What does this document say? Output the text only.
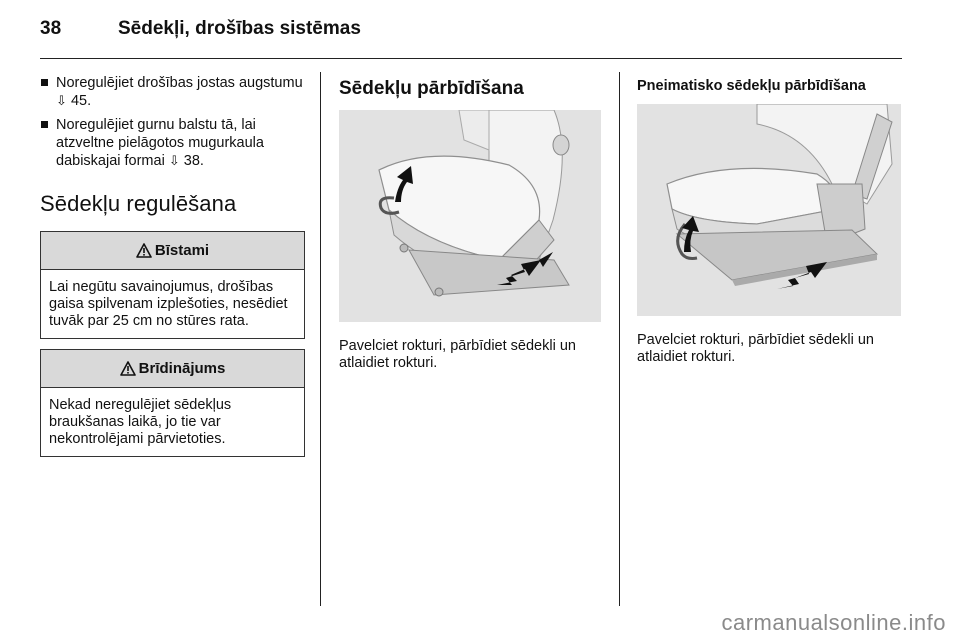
38	Sēdekļi, drošības sistēmas
Noregulējiet drošības jostas augstumu ⇩ 45.
Noregulējiet gurnu balstu tā, lai atzveltne pielāgotos mugurkaula dabiskajai formai ⇩ 38.
Sēdekļu regulēšana
Bīstami
Lai negūtu savainojumus, drošības gaisa spilvenam izplešoties, nesēdiet tuvāk par 25 cm no stūres rata.
Brīdinājums
Nekad neregulējiet sēdekļus braukšanas laikā, jo tie var nekontrolējami pārvietoties.
Sēdekļu pārbīdīšana
Pavelciet rokturi, pārbīdiet sēdekli un atlaidiet rokturi.
Pneimatisko sēdekļu pārbīdīšana
Pavelciet rokturi, pārbīdiet sēdekli un atlaidiet rokturi.
carmanualsonline.info
